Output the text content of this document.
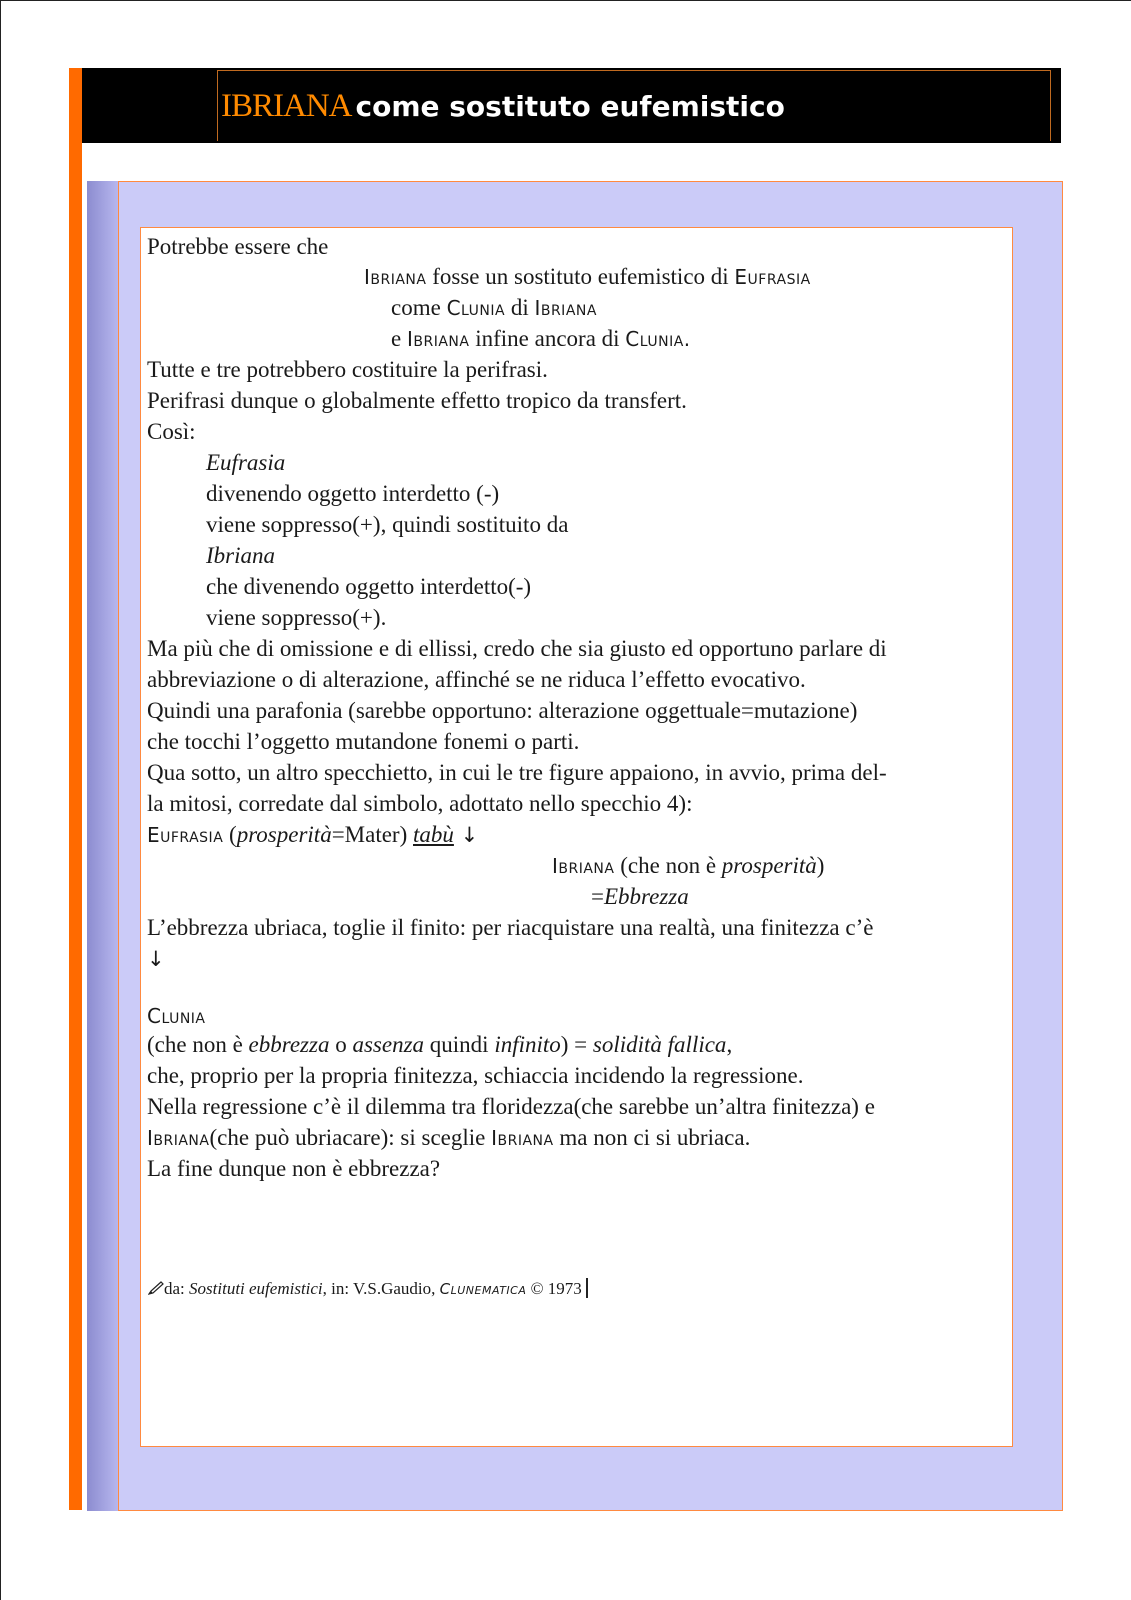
IBRIANA come sostituto eufemistico
Potrebbe essere che
Ibriana fosse un sostituto eufemistico di Eufrasia
come Clunia di Ibriana
e Ibriana infine ancora di Clunia.
Tutte e tre potrebbero costituire la perifrasi.
Perifrasi dunque o globalmente effetto tropico da transfert.
Così:
Eufrasia
divenendo oggetto interdetto (-)
viene soppresso(+), quindi sostituito da
Ibriana
che divenendo oggetto interdetto(-)
viene soppresso(+).
Ma più che di omissione e di ellissi, credo che sia giusto ed opportuno parlare di
abbreviazione o di alterazione, affinché se ne riduca l’effetto evocativo.
Quindi una parafonia (sarebbe opportuno: alterazione oggettuale=mutazione)
che tocchi l’oggetto mutandone fonemi o parti.
Qua sotto, un altro specchietto, in cui le tre figure appaiono, in avvio, prima del-
la mitosi, corredate dal simbolo, adottato nello specchio 4):
Eufrasia (prosperità=Mater) tabù ↓
Ibriana (che non è prosperità)
=Ebbrezza
L’ebbrezza ubriaca, toglie il finito: per riacquistare una realtà, una finitezza c’è
↓
Clunia
(che non è ebbrezza o assenza quindi infinito) = solidità fallica,
che, proprio per la propria finitezza, schiaccia incidendo la regressione.
Nella regressione c’è il dilemma tra floridezza(che sarebbe un’altra finitezza) e
Ibriana(che può ubriacare): si sceglie Ibriana ma non ci si ubriaca.
La fine dunque non è ebbrezza?
da: Sostituti eufemistici, in: V.S.Gaudio, Clunematica © 1973
